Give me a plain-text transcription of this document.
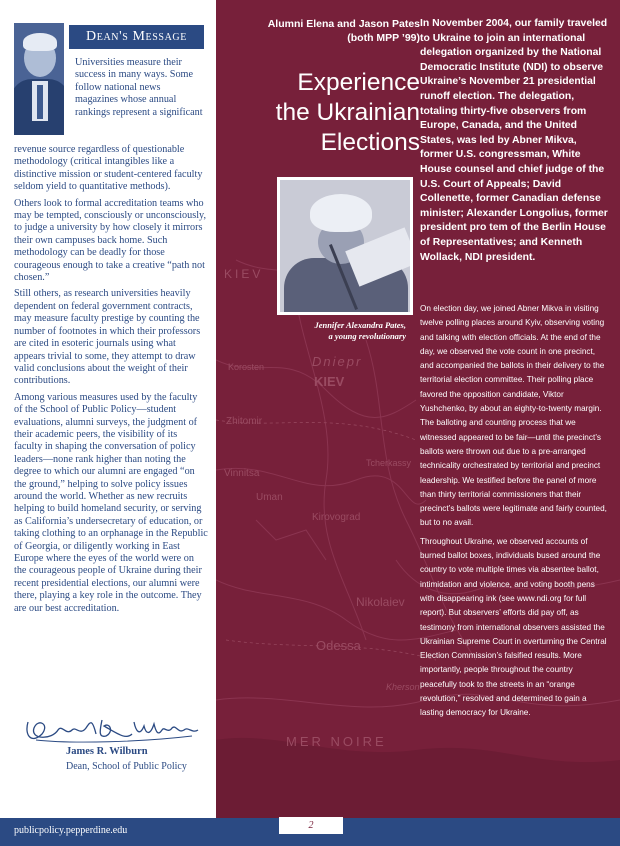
Dean's Message

Universities measure their success in many ways. Some follow national news magazines whose annual rankings represent a significant

revenue source regardless of questionable methodology (critical intangibles like a distinctive mission or student-centered faculty seldom yield to quantitative methods).

Others look to formal accreditation teams who may be tempted, consciously or unconsciously, to judge a university by how closely it mirrors their own campuses back home. Such methodology can be deadly for those courageous enough to take a creative “path not chosen.”

Still others, as research universities heavily dependent on federal government contracts, may measure faculty prestige by counting the number of footnotes in which their professors are cited in esoteric journals using what appears trivial to some, they attempt to draw valid conclusions about the weight of their contributions.

Among various measures used by the faculty of the School of Public Policy—student evaluations, alumni surveys, the judgment of their academic peers, the visibility of its faculty in shaping the conversation of policy leaders—none rank higher than noting the degree to which our alumni are engaged “on the ground,” helping to solve policy issues around the world. Whether as new recruits helping to build homeland security, or serving as California’s undersecretary of education, or taking clothing to an orphanage in the Republic of Georgia, or diligently working in East Europe where the eyes of the world were on the courageous people of Ukraine during their recent presidential elections, our alumni were there, playing a key role in the outcome. They are our best accreditation.

James R. Wilburn
Dean, School of Public Policy
KIEV
KIEV
Dniepr
Zhitomir
Korosten
Kirovograd
Nikolaiev
Odessa
Vinnitsa
Uman
Tcherkassy
Kherson
MER NOIRE
Alumni Elena and Jason Pates
(both MPP ’99)
Experience
the Ukrainian
Elections
Jennifer Alexandra Pates,
a young revolutionary

In November 2004, our family traveled to Ukraine to join an international delegation organized by the National Democratic Institute (NDI) to observe Ukraine’s November 21 presidential runoff election. The delegation, totaling thirty-five observers from Europe, Canada, and the United States, was led by Abner Mikva, former U.S. congressman, White House counsel and chief judge of the U.S. Court of Appeals; David Collenette, former Canadian defense minister; Alexander Longolius, former president pro tem of the Berlin House of Representatives; and Kenneth Wollack, NDI president.

On election day, we joined Abner Mikva in visiting twelve polling places around Kyiv, observing voting and talking with election officials. At the end of the day, we observed the vote count in one precinct, and accompanied the ballots in their delivery to the territorial election committee. Their polling place favored the opposition candidate, Viktor Yushchenko, by about an eighty-to-twenty margin. The balloting and counting process that we witnessed appeared to be fair—until the precinct’s ballots were thrown out due to a pre-arranged technicality orchestrated by territorial and precinct leadership. We testified before the panel of more than thirty territorial commissioners that their precinct’s ballots were legitimate and fairly counted, but to no avail.

Throughout Ukraine, we observed accounts of burned ballot boxes, individuals bused around the country to vote multiple times via absentee ballot, intimidation and violence, and voting booth pens with disappearing ink (see www.ndi.org for full report). But observers’ efforts did pay off, as testimony from international observers assisted the Ukrainian Supreme Court in overturning the Central Election Commission’s falsified results. More importantly, people throughout the country peacefully took to the streets in an “orange revolution,” resolved and determined to gain a lasting democracy for Ukraine.

publicpolicy.pepperdine.edu	2
